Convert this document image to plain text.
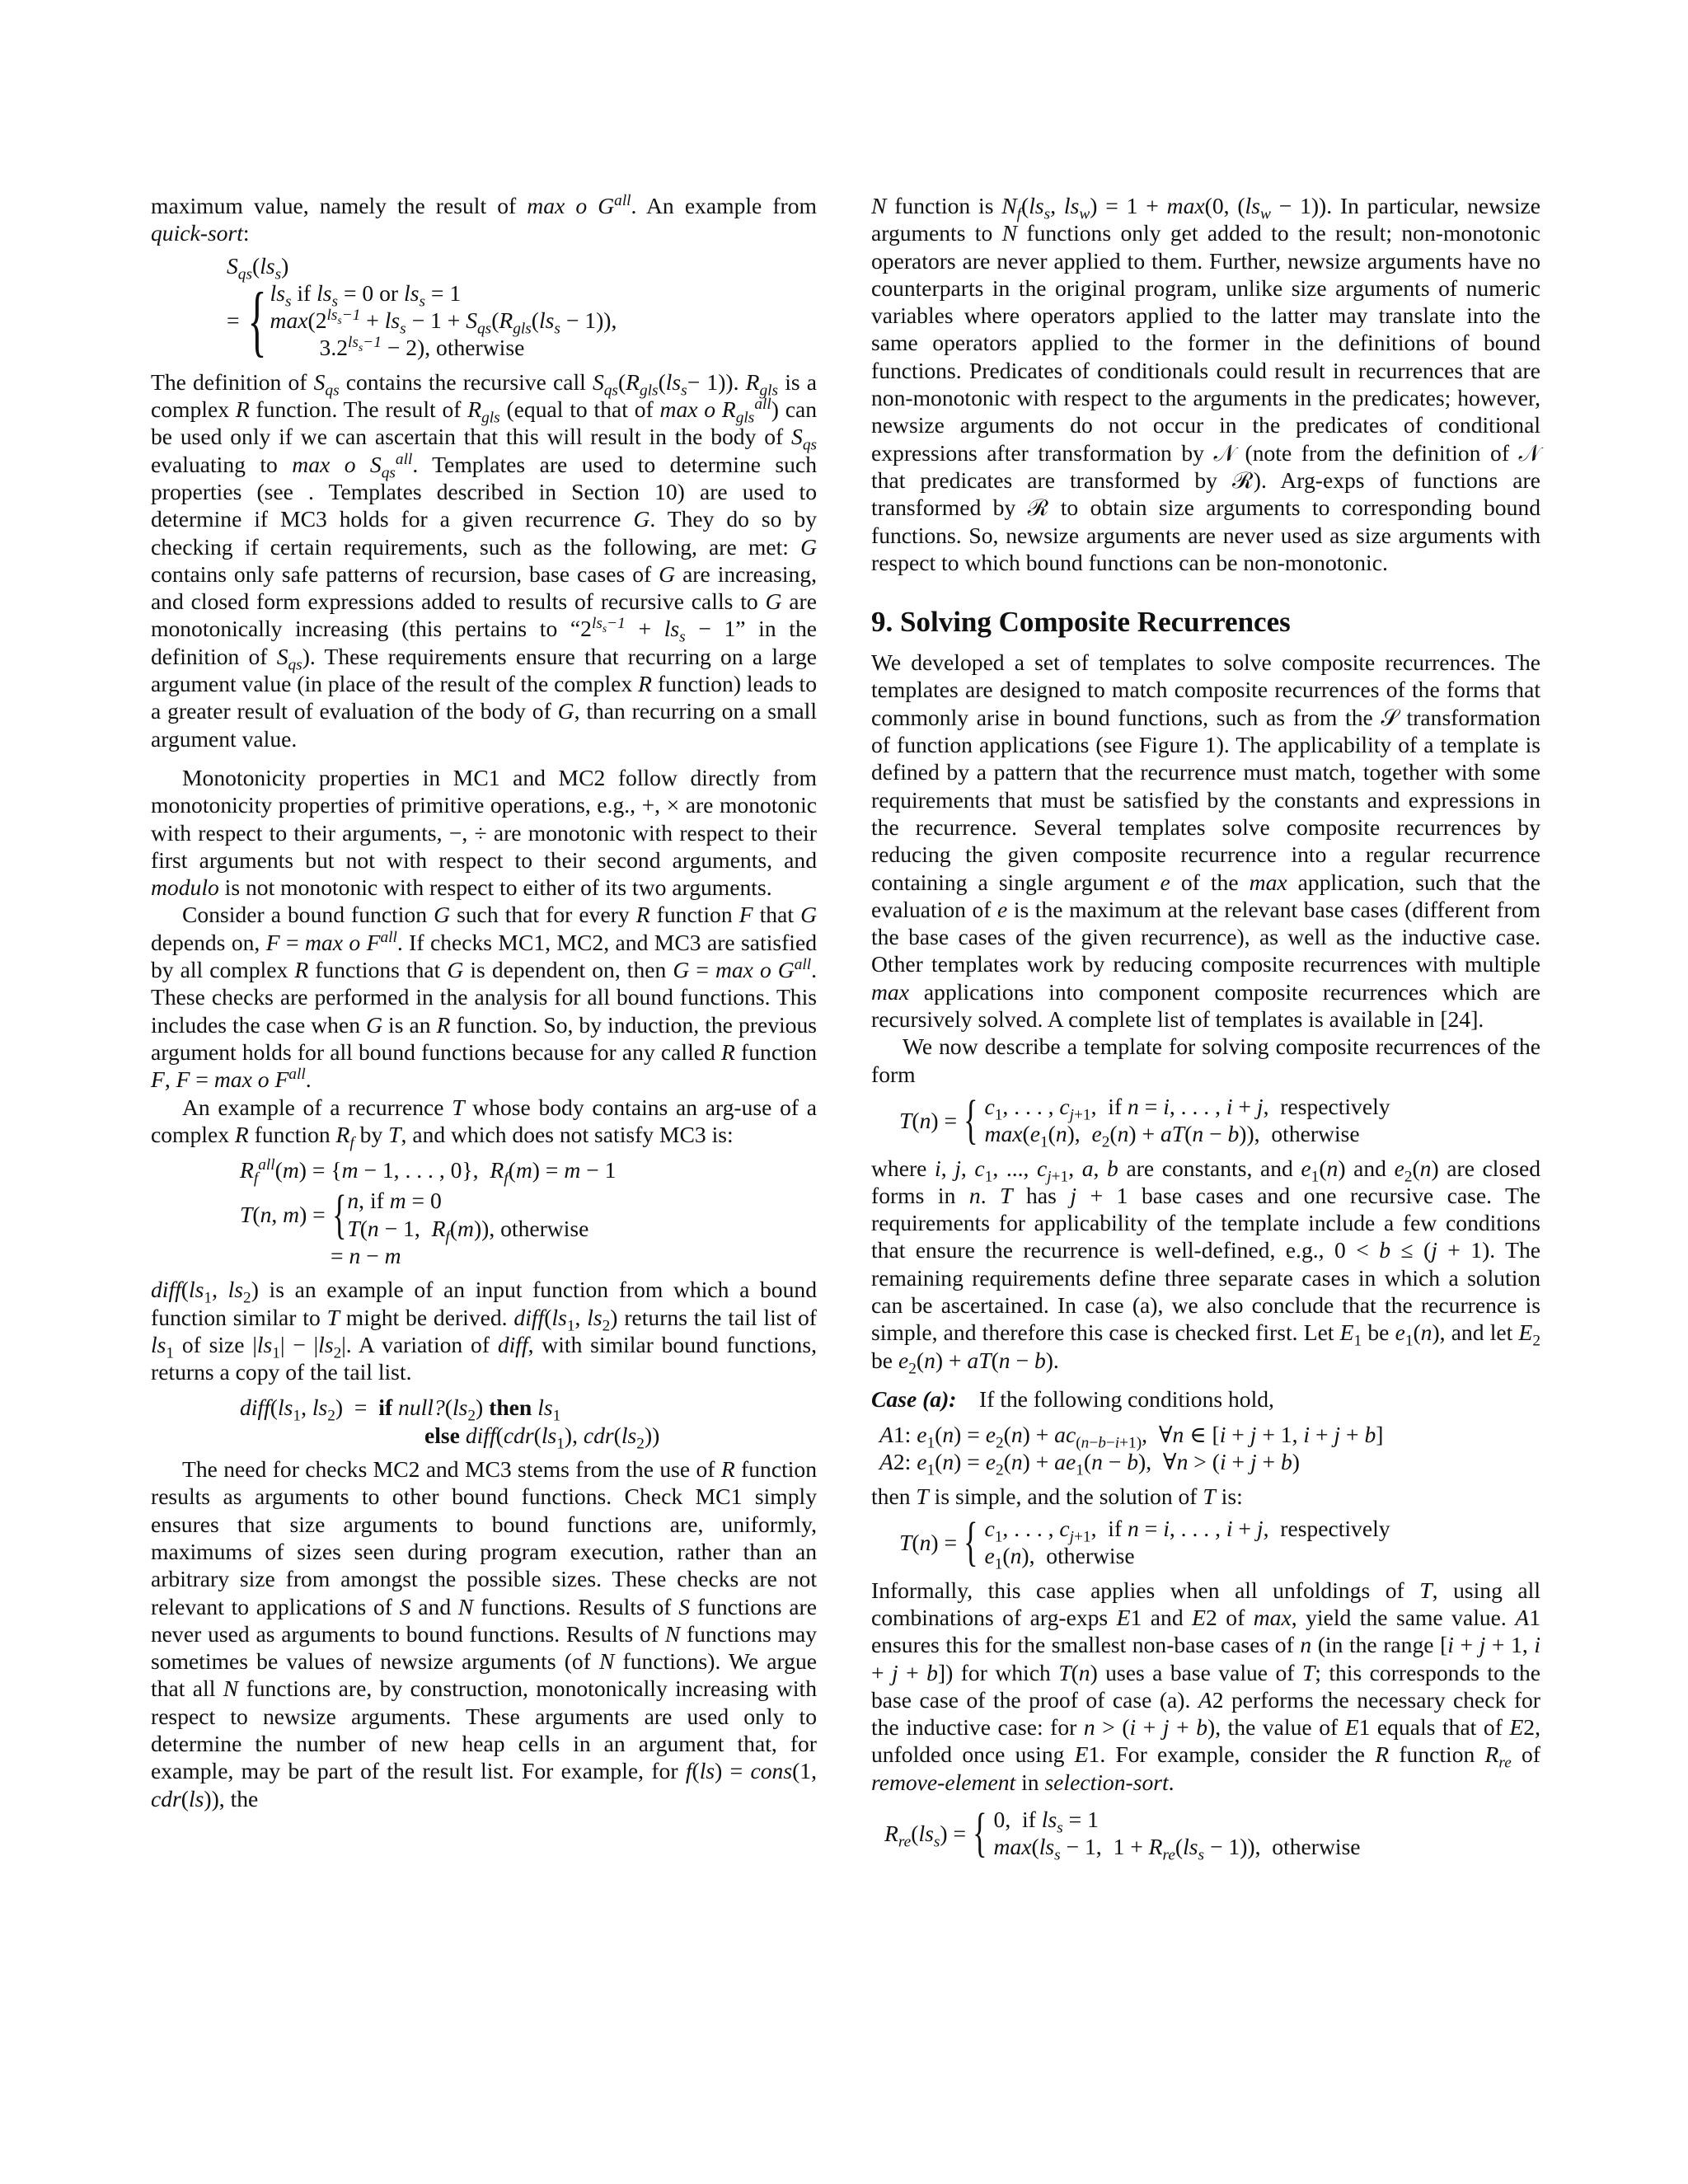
maximum value, namely the result of max o $G^{all}$. An example from quick-sort:

$S_{qs}(ls_s)$
= { $ls_s$ if $ls_s = 0$ or $ls_s = 1$
$\max(2^{ls_s-1} + ls_s - 1 + S_{qs}(R_{gls}(ls_s - 1))$,
$3.2^{ls_s-1} - 2$), otherwise

The definition of $S_{qs}$ contains the recursive call $S_{qs}(R_{gls}(ls_s- 1))$. $R_{gls}$ is a complex R function. The result of $R_{gls}$ (equal to that of max o $R_{gls}^{all}$) can be used only if we can ascertain that this will result in the body of $S_{qs}$ evaluating to max o $S_{qs}^{all}$. Templates are used to determine such properties (see . Templates described in Section 10) are used to determine if MC3 holds for a given recurrence G. They do so by checking if certain requirements, such as the following, are met: G contains only safe patterns of recursion, base cases of G are increasing, and closed form expressions added to results of recursive calls to G are monotonically increasing (this pertains to “$2^{ls_s-1} + ls_s - 1$” in the definition of $S_{qs}$). These requirements ensure that recurring on a large argument value (in place of the result of the complex R function) leads to a greater result of evaluation of the body of G, than recurring on a small argument value.

Monotonicity properties in MC1 and MC2 follow directly from monotonicity properties of primitive operations, e.g., +, × are monotonic with respect to their arguments, −, ÷ are monotonic with respect to their first arguments but not with respect to their second arguments, and modulo is not monotonic with respect to either of its two arguments.

Consider a bound function G such that for every R function F that G depends on, F = max o $F^{all}$. If checks MC1, MC2, and MC3 are satisfied by all complex R functions that G is dependent on, then G = max o $G^{all}$. These checks are performed in the analysis for all bound functions. This includes the case when G is an R function. So, by induction, the previous argument holds for all bound functions because for any called R function F, F = max o $F^{all}$.

An example of a recurrence T whose body contains an arg-use of a complex R function $R_f$ by T, and which does not satisfy MC3 is:

$R_f^{all}(m) = \{m - 1$, . . . , 0},  $R_f(m) = m - 1$
T(n, m) = { n, if m = 0
T(n − 1,  $R_f(m)$), otherwise
= n − m

$diff(ls_1$, $ls_2$) is an example of an input function from which a bound function similar to T might be derived. $diff(ls_1$, $ls_2$) returns the tail list of $ls_1$ of size $|ls_1| - |ls_2|$. A variation of diff, with similar bound functions, returns a copy of the tail list.

$diff(ls_1$, $ls_2$)  =  if $null?(ls_2)$ then $ls_1$
else $diff(cdr(ls_1)$, $cdr(ls_2)$)

The need for checks MC2 and MC3 stems from the use of R function results as arguments to other bound functions. Check MC1 simply ensures that size arguments to bound functions are, uniformly, maximums of sizes seen during program execution, rather than an arbitrary size from amongst the possible sizes. These checks are not relevant to applications of S and N functions. Results of S functions are never used as arguments to bound functions. Results of N functions may sometimes be values of newsize arguments (of N functions). We argue that all N functions are, by construction, monotonically increasing with respect to newsize arguments. These arguments are used only to determine the number of new heap cells in an argument that, for example, may be part of the result list. For example, for f(ls) = cons(1, cdr(ls)), the

N function is $N_f(ls_s$, $ls_w) = 1 + \max(0$, $(ls_w - 1)$). In particular, newsize arguments to N functions only get added to the result; non-monotonic operators are never applied to them. Further, newsize arguments have no counterparts in the original program, unlike size arguments of numeric variables where operators applied to the latter may translate into the same operators applied to the former in the definitions of bound functions. Predicates of conditionals could result in recurrences that are non-monotonic with respect to the arguments in the predicates; however, newsize arguments do not occur in the predicates of conditional expressions after transformation by 𝒩 (note from the definition of 𝒩 that predicates are transformed by ℛ). Arg-exps of functions are transformed by ℛ to obtain size arguments to corresponding bound functions. So, newsize arguments are never used as size arguments with respect to which bound functions can be non-monotonic.

9. Solving Composite Recurrences

We developed a set of templates to solve composite recurrences. The templates are designed to match composite recurrences of the forms that commonly arise in bound functions, such as from the 𝒮 transformation of function applications (see Figure 1). The applicability of a template is defined by a pattern that the recurrence must match, together with some requirements that must be satisfied by the constants and expressions in the recurrence. Several templates solve composite recurrences by reducing the given composite recurrence into a regular recurrence containing a single argument e of the max application, such that the evaluation of e is the maximum at the relevant base cases (different from the base cases of the given recurrence), as well as the inductive case. Other templates work by reducing composite recurrences with multiple max applications into component composite recurrences which are recursively solved. A complete list of templates is available in [24].

We now describe a template for solving composite recurrences of the form

T(n) = { $c_1$, . . . , $c_{j+1}$,  if n = i, . . . , i + j,  respectively
$\max(e_1(n)$,  $e_2(n) + aT(n - b)$),  otherwise

where i, j, $c_1$, ..., $c_{j+1}$, a, b are constants, and $e_1(n)$ and $e_2(n)$ are closed forms in n. T has j + 1 base cases and one recursive case. The requirements for applicability of the template include a few conditions that ensure the recurrence is well-defined, e.g., 0 < b ≤ (j + 1). The remaining requirements define three separate cases in which a solution can be ascertained. In case (a), we also conclude that the recurrence is simple, and therefore this case is checked first. Let $E_1$ be $e_1(n)$, and let $E_2$ be $e_2(n) + aT(n - b)$.

Case (a): If the following conditions hold,

A1: $e_1(n) = e_2(n) + ac_{(n-b-i+1)}$,  ∀n ∈ [i + j + 1, i + j + b]
A2: $e_1(n) = e_2(n) + ae_1(n - b)$,  ∀n > (i + j + b)

then T is simple, and the solution of T is:

T(n) = { $c_1$, . . . , $c_{j+1}$,  if n = i, . . . , i + j,  respectively
$e_1(n)$,  otherwise

Informally, this case applies when all unfoldings of T, using all combinations of arg-exps E1 and E2 of max, yield the same value. A1 ensures this for the smallest non-base cases of n (in the range [i + j + 1, i + j + b]) for which T(n) uses a base value of T; this corresponds to the base case of the proof of case (a). A2 performs the necessary check for the inductive case: for n > (i + j + b), the value of E1 equals that of E2, unfolded once using E1. For example, consider the R function $R_{re}$ of remove-element in selection-sort.

$R_{re}(ls_s)$ = { 0,  if $ls_s = 1$
$\max(ls_s - 1$,  $1 + R_{re}(ls_s - 1)$),  otherwise
